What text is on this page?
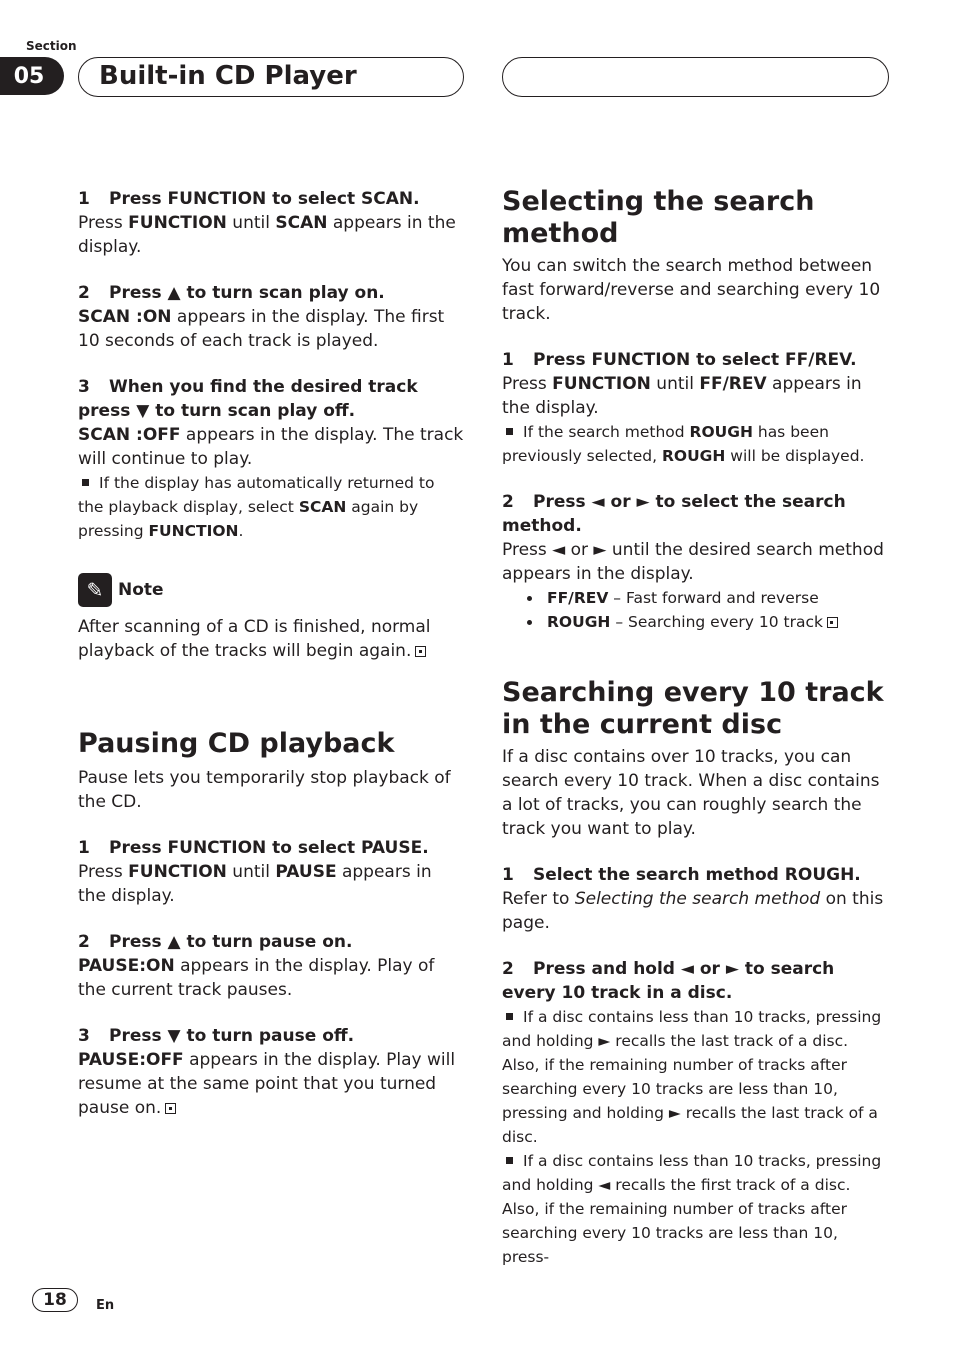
Section
05	Built-in CD Player

1 Press FUNCTION to select SCAN.

Press FUNCTION until SCAN appears in the display.

2 Press ▲ to turn scan play on.

SCAN :ON appears in the display. The first 10 seconds of each track is played.

3 When you find the desired track press ▼ to turn scan play off.

SCAN :OFF appears in the display. The track will continue to play.

If the display has automatically returned to the playback display, select SCAN again by pressing FUNCTION.

✎ Note

After scanning of a CD is finished, normal playback of the tracks will begin again.

Pausing CD playback

Pause lets you temporarily stop playback of the CD.

1 Press FUNCTION to select PAUSE.

Press FUNCTION until PAUSE appears in the display.

2 Press ▲ to turn pause on.

PAUSE:ON appears in the display. Play of the current track pauses.

3 Press ▼ to turn pause off.

PAUSE:OFF appears in the display. Play will resume at the same point that you turned pause on.

Selecting the search method

You can switch the search method between fast forward/reverse and searching every 10 track.

1 Press FUNCTION to select FF/REV.

Press FUNCTION until FF/REV appears in the display.

If the search method ROUGH has been previously selected, ROUGH will be displayed.

2 Press ◄ or ► to select the search method.

Press ◄ or ► until the desired search method appears in the display.

FF/REV – Fast forward and reverse
ROUGH – Searching every 10 track
Searching every 10 track in the current disc

If a disc contains over 10 tracks, you can search every 10 track. When a disc contains a lot of tracks, you can roughly search the track you want to play.

1 Select the search method ROUGH.

Refer to Selecting the search method on this page.

2 Press and hold ◄ or ► to search every 10 track in a disc.

If a disc contains less than 10 tracks, pressing and holding ► recalls the last track of a disc. Also, if the remaining number of tracks after searching every 10 tracks are less than 10, pressing and holding ► recalls the last track of a disc.

If a disc contains less than 10 tracks, pressing and holding ◄ recalls the first track of a disc. Also, if the remaining number of tracks after searching every 10 tracks are less than 10, press-

18	En
